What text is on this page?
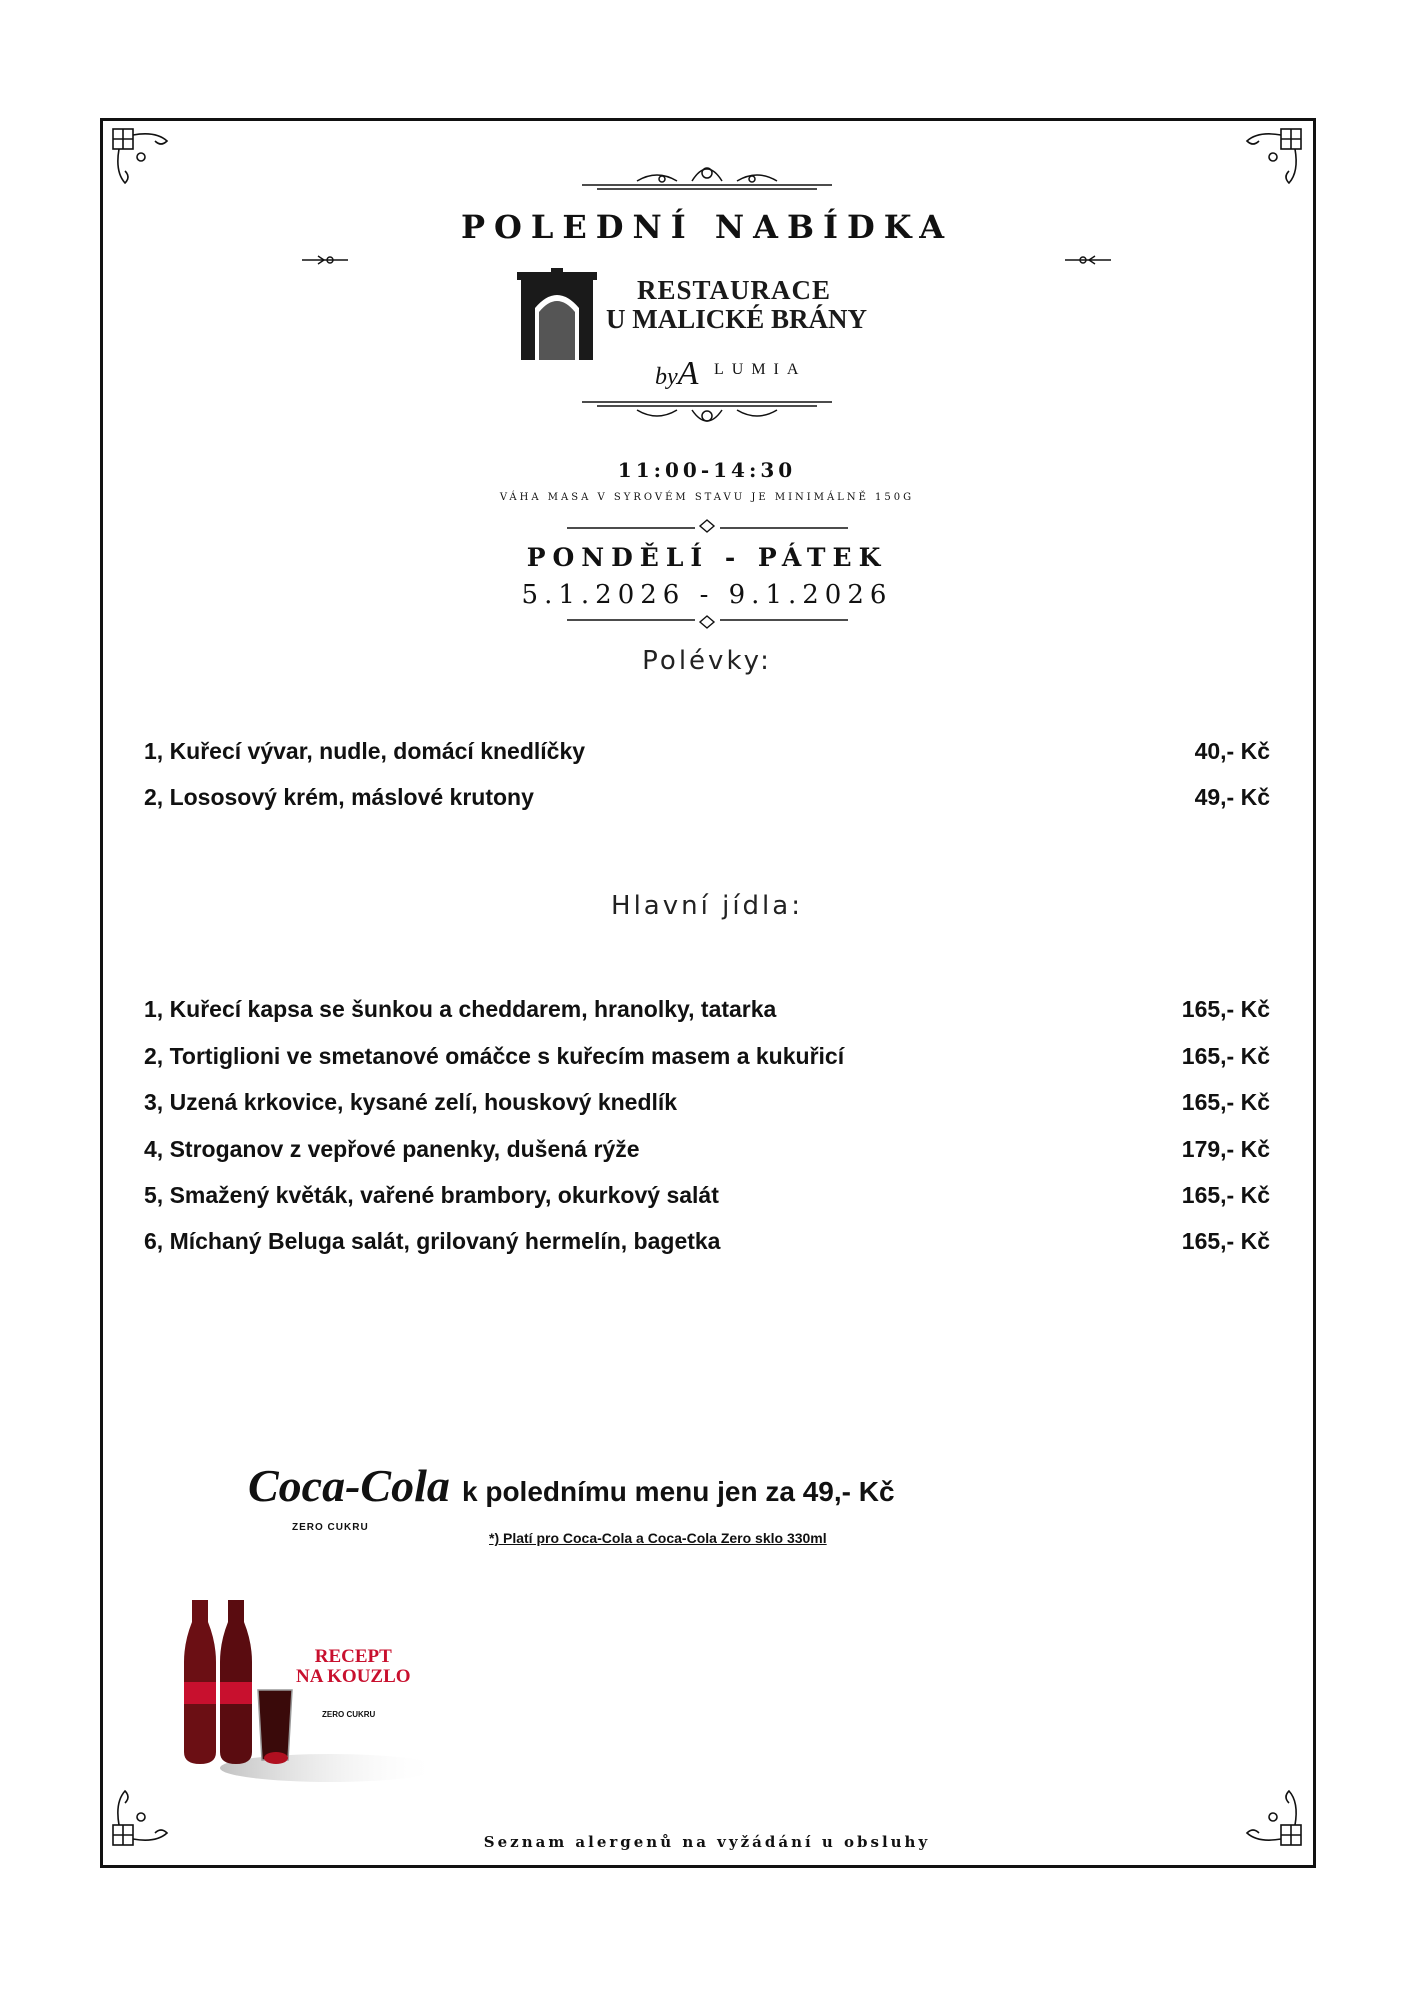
POLEDNÍ NABÍDKA
RESTAURACE
U MALICKÉ BRÁNY
byA LUMIA
11:00-14:30
VÁHA MASA V SYROVÉM STAVU JE MINIMÁLNĚ 150G
PONDĚLÍ - PÁTEK
5.1.2026 - 9.1.2026
Polévky:
1, Kuřecí vývar, nudle, domácí knedlíčky	40,- Kč
2, Lososový krém, máslové krutony	49,- Kč
Hlavní jídla:
1, Kuřecí kapsa se šunkou a cheddarem, hranolky, tatarka	165,- Kč
2, Tortiglioni ve smetanové omáčce s kuřecím masem a kukuřicí	165,- Kč
3, Uzená krkovice, kysané zelí, houskový knedlík	165,- Kč
4, Stroganov z vepřové panenky, dušená rýže	179,- Kč
5, Smažený květák, vařené brambory, okurkový salát	165,- Kč
6, Míchaný Beluga salát, grilovaný hermelín, bagetka	165,- Kč
Coca-Cola
ZERO CUKRU
k polednímu menu jen za 49,- Kč
*) Platí pro Coca-Cola a Coca-Cola Zero sklo 330ml
RECEPT
NA KOUZLO
ZERO CUKRU
Seznam alergenů na vyžádání u obsluhy
